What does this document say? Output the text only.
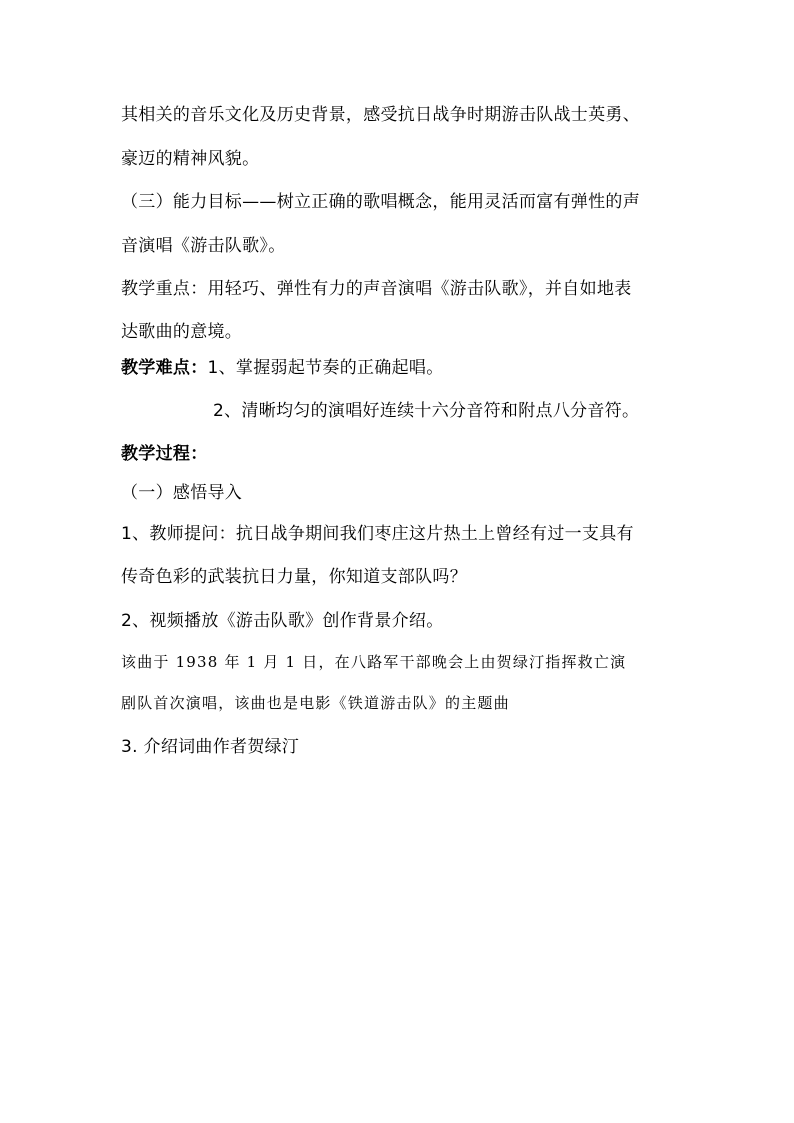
其相关的音乐文化及历史背景，感受抗日战争时期游击队战士英勇、
豪迈的精神风貌。
（三）能力目标——树立正确的歌唱概念，能用灵活而富有弹性的声
音演唱《游击队歌》。
教学重点：用轻巧、弹性有力的声音演唱《游击队歌》，并自如地表
达歌曲的意境。
教学难点：1、掌握弱起节奏的正确起唱。
2、清晰均匀的演唱好连续十六分音符和附点八分音符。
教学过程：
（一）感悟导入
1、教师提问：抗日战争期间我们枣庄这片热土上曾经有过一支具有
传奇色彩的武装抗日力量，你知道支部队吗？
2、视频播放《游击队歌》创作背景介绍。
该曲于 1938 年 1 月 1 日，在八路军干部晚会上由贺绿汀指挥救亡演
剧队首次演唱，该曲也是电影《铁道游击队》的主题曲
3. 介绍词曲作者贺绿汀
